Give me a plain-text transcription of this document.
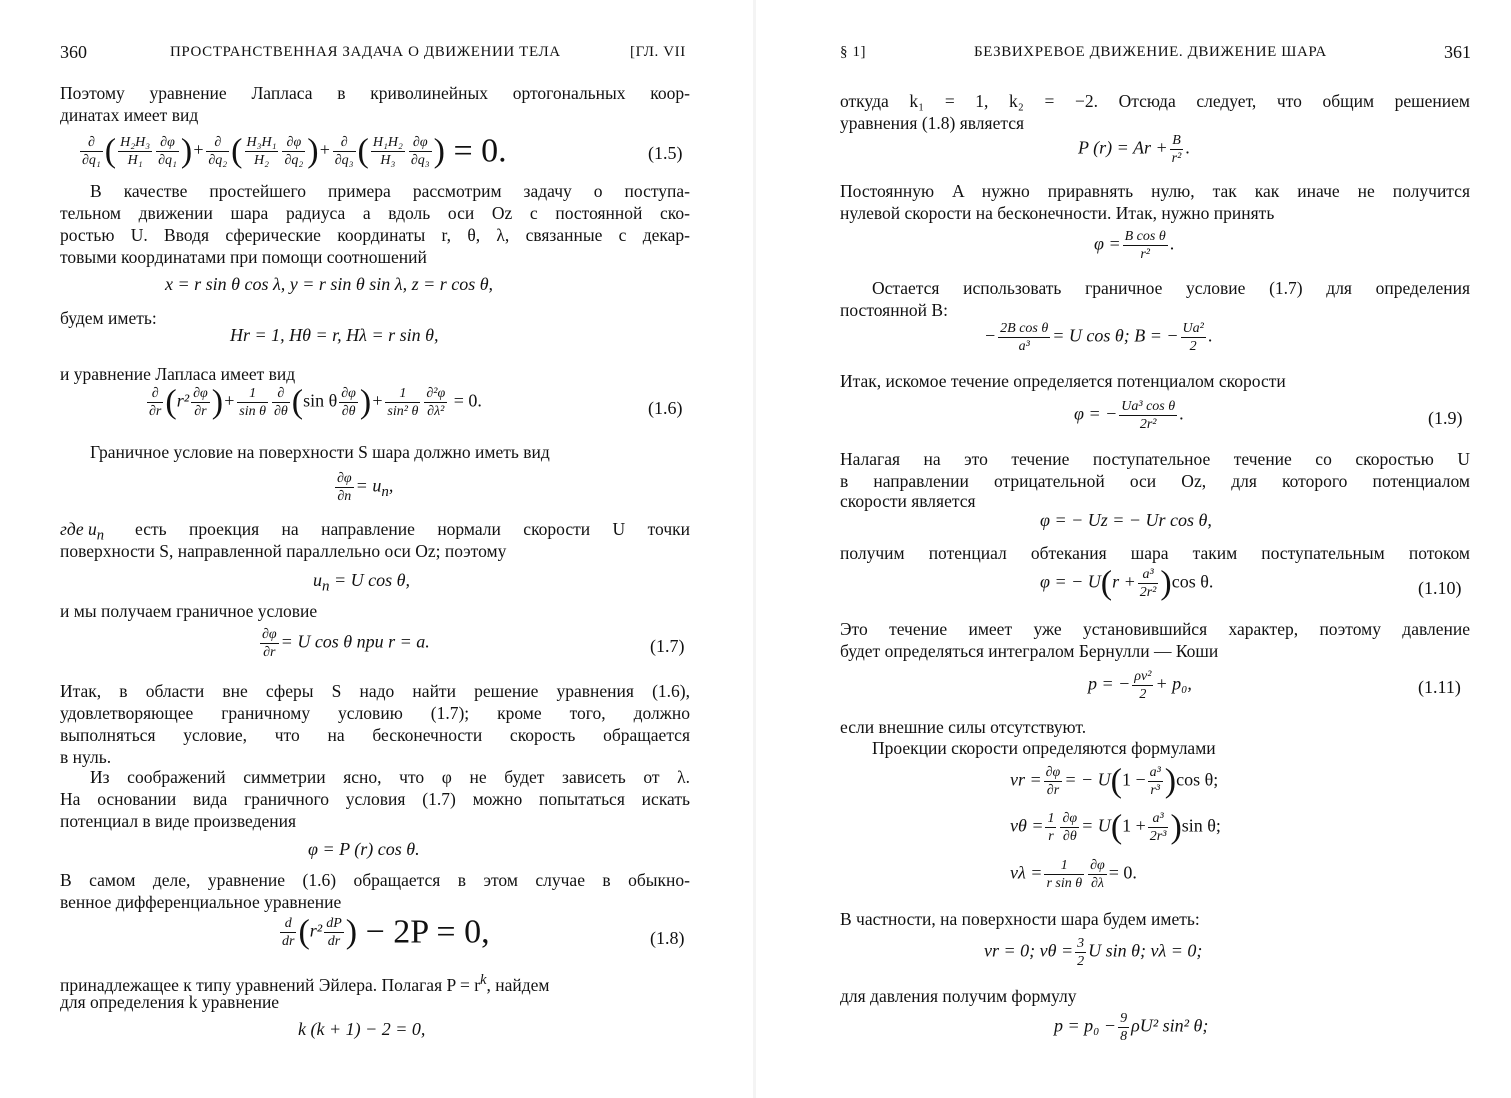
360	ПРОСТРАНСТВЕННАЯ ЗАДАЧА О ДВИЖЕНИИ ТЕЛА	[ГЛ. VII
Поэтому уравнение Лапласа в криволинейных ортогональных коор-
динатах имеет вид
$\frac{\partial}{\text{∂q₁}}$ ( $\frac{\text{H₂H₃}}{\text{H₁}} \frac{\partial\varphi}{\text{∂q₁}}$ )+ $\frac{\partial}{\text{∂q₂}}$ ( $\frac{\text{H₃H₁}}{\text{H₂}} \frac{\partial\varphi}{\text{∂q₂}}$ )+ $\frac{\partial}{\text{∂q₃}}$ ( $\frac{\text{H₁H₂}}{\text{H₃}} \frac{\partial\varphi}{\text{∂q₃}}$ ) = 0.	(1.5)
В качестве простейшего примера рассмотрим задачу о поступа-
тельном движении шара радиуса a вдоль оси Oz с постоянной ско-
ростью U. Вводя сферические координаты r, θ, λ, связанные с декар-
товыми координатами при помощи соотношений
x = r sin θ cos λ, y = r sin θ sin λ, z = r cos θ,
будем иметь:
Hr = 1, Hθ = r, Hλ = r sin θ,
и уравнение Лапласа имеет вид
$\frac{\partial}{\partial r} (r^2 \frac{\partial\varphi}{\partial r}$ )+ $\frac{1}{\text{sin θ}} \frac{\partial}{\partial\theta} (\sin$ θ $\frac{\partial\varphi}{\partial\theta}$ )+ $\frac{1}{\text{sin² θ}} \frac{\text{∂²φ}}{\text{∂λ²}} = 0$.	(1.6)
Граничное условие на поверхности S шара должно иметь вид
$\frac{\partial\varphi}{\partial n} = u_n$,
где $u_n$ есть проекция на направление нормали скорости U точки
поверхности S, направленной параллельно оси Oz; поэтому
$u_n = U$ cos θ,
и мы получаем граничное условие
$\frac{\partial\varphi}{\partial r} = U$ cos θ при r = a.	(1.7)
Итак, в области вне сферы S надо найти решение уравнения (1.6),
удовлетворяющее граничному условию (1.7); кроме того, должно
выполняться условие, что на бесконечности скорость обращается
в нуль.
Из соображений симметрии ясно, что φ не будет зависеть от λ.
На основании вида граничного условия (1.7) можно попытаться искать
потенциал в виде произведения
φ = P (r) cos θ.
В самом деле, уравнение (1.6) обращается в этом случае в обыкно-
венное дифференциальное уравнение
$\frac{d}{dr} (r^2 \frac{dP}{dr}$ ) − 2P = 0,	(1.8)
принадлежащее к типу уравнений Эйлера. Полагая $P = r^k$, найдем
для определения k уравнение
k (k + 1) − 2 = 0,
§ 1]	БЕЗВИХРЕВОЕ ДВИЖЕНИЕ. ДВИЖЕНИЕ ШАРА	361
откуда k₁ = 1, k₂ = −2. Отсюда следует, что общим решением
уравнения (1.8) является
P $(r) = Ar + \frac{B}{\text{r²}}$ .
Постоянную A нужно приравнять нулю, так как иначе не получится
нулевой скорости на бесконечности. Итак, нужно принять
$\varphi = \frac{\text{B cos θ}}{\text{r²}}$ .
Остается использовать граничное условие (1.7) для определения
постоянной B:
− $\frac{\text{2B cos θ}}{\text{a³}} = U$ cos θ; B = − $\frac{\text{Ua²}}{2}$ .
Итак, искомое течение определяется потенциалом скорости
φ = − $\frac{\text{Ua³ cos θ}}{\text{2r²}}$ .	(1.9)
Налагая на это течение поступательное течение со скоростью U
в направлении отрицательной оси Oz, для которого потенциалом
скорости является
φ = − Uz = − Ur cos θ,
получим потенциал обтекания шара таким поступательным потоком
φ = − $U(r + \frac{\text{a³}}{\text{2r²}} )\cos$ θ.	(1.10)
Это течение имеет уже установившийся характер, поэтому давление
будет определяться интегралом Бернулли — Коши
p = − $\frac{\text{ρv²}}{2} + p_0$,	(1.11)
если внешние силы отсутствуют.
Проекции скорости определяются формулами
vr = $\frac{\partial\varphi}{\partial r}$ = − $U(1 - \frac{\text{a³}}{\text{r³}} )\cos$ θ;
$v\theta = \frac{1}{r} \frac{\partial\varphi}{\partial\theta} = U(1 + \frac{\text{a³}}{\text{2r³}} )\sin$ θ;
$v\lambda = \frac{1}{\text{r sin θ}} \frac{\partial\varphi}{\partial\lambda} = 0$.
В частности, на поверхности шара будем иметь:
vr = 0; $v\theta = \frac{3}{2}$ U sin θ; vλ = 0;
для давления получим формулу
$p = p_0 - \frac{9}{8} \rho U^2$ sin² θ;
